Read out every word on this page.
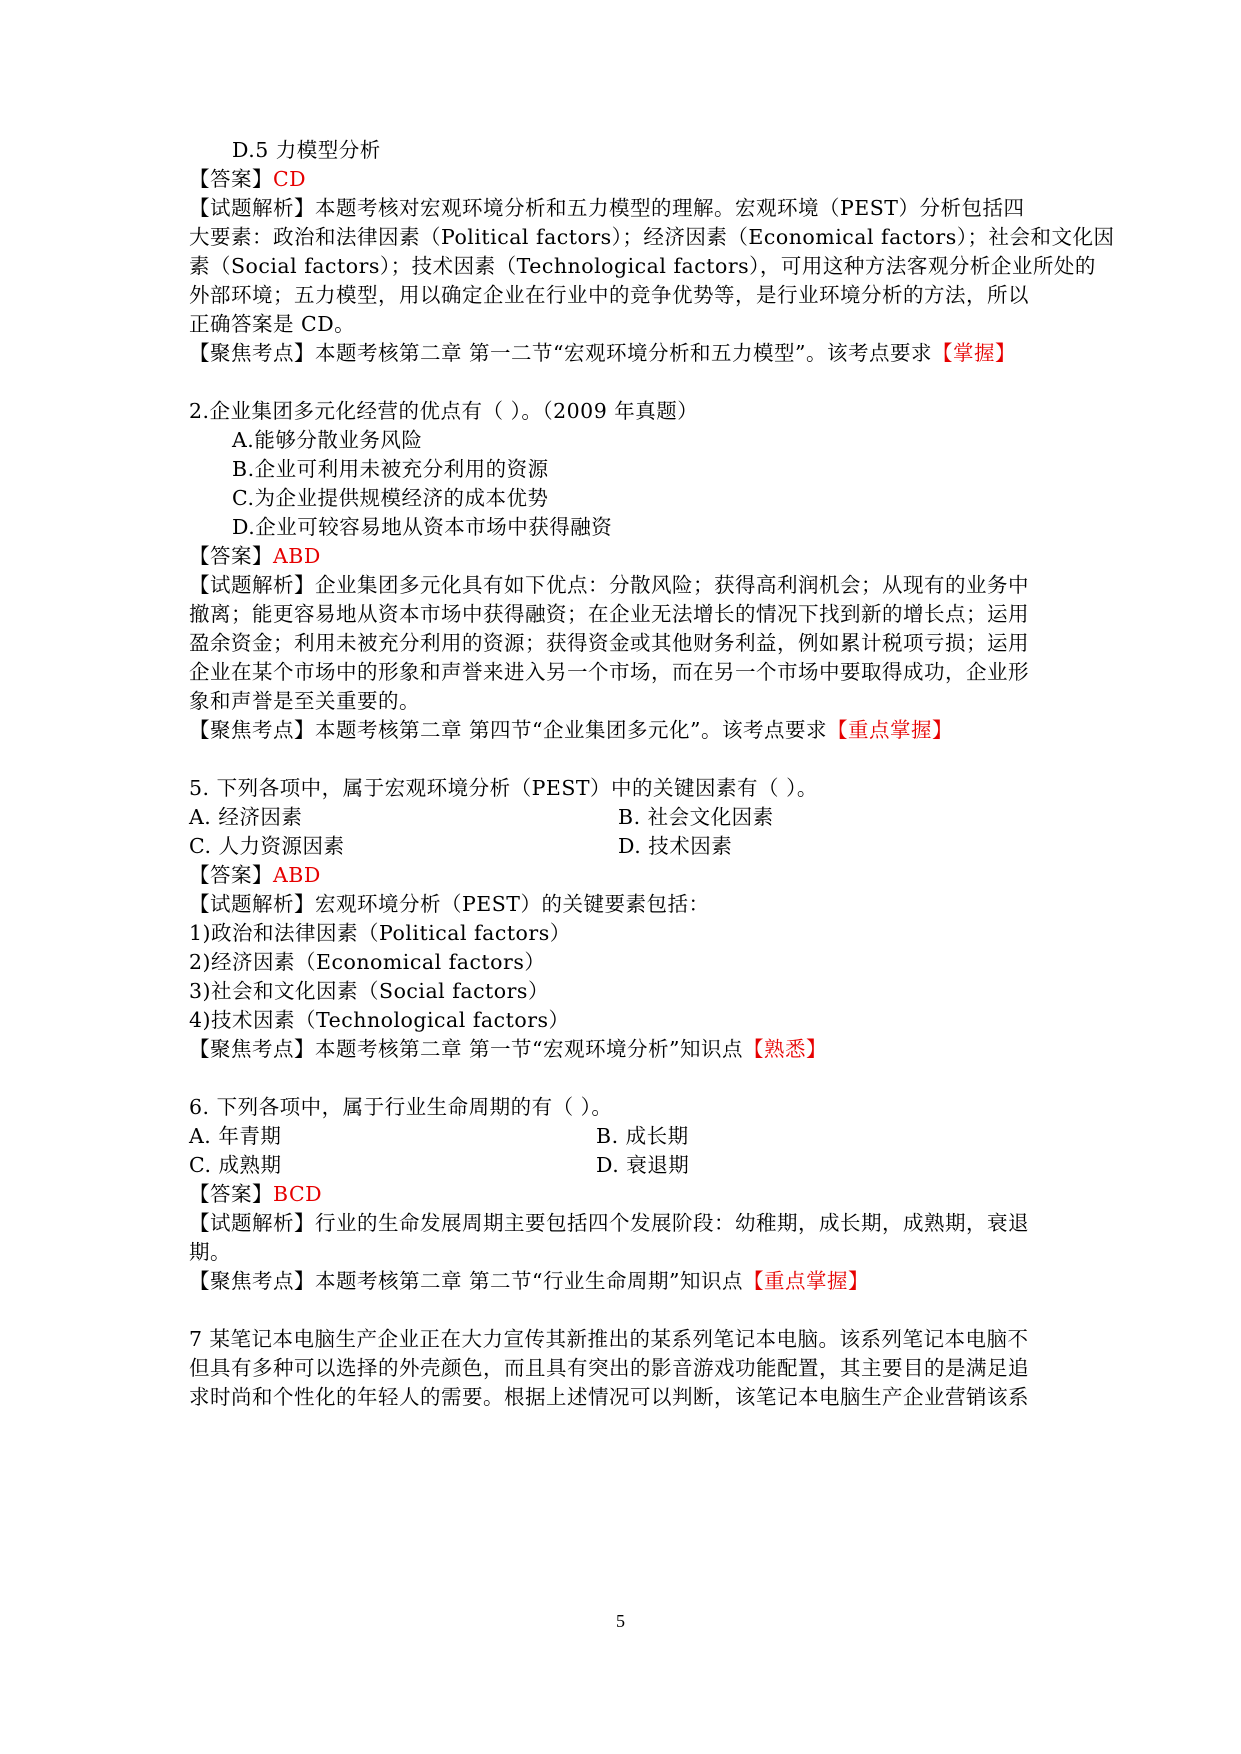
D.5 力模型分析
【答案】CD
【试题解析】本题考核对宏观环境分析和五力模型的理解。宏观环境（PEST）分析包括四
大要素：政治和法律因素（Political factors）；经济因素（Economical factors）；社会和文化因
素（Social factors）；技术因素（Technological factors），可用这种方法客观分析企业所处的
外部环境；五力模型，用以确定企业在行业中的竞争优势等，是行业环境分析的方法，所以
正确答案是 CD。
【聚焦考点】本题考核第二章 第一二节“宏观环境分析和五力模型”。该考点要求【掌握】
2.企业集团多元化经营的优点有（ ）。（2009 年真题）
A.能够分散业务风险
B.企业可利用未被充分利用的资源
C.为企业提供规模经济的成本优势
D.企业可较容易地从资本市场中获得融资
【答案】ABD
【试题解析】企业集团多元化具有如下优点：分散风险；获得高利润机会；从现有的业务中
撤离；能更容易地从资本市场中获得融资；在企业无法增长的情况下找到新的增长点；运用
盈余资金；利用未被充分利用的资源；获得资金或其他财务利益，例如累计税项亏损；运用
企业在某个市场中的形象和声誉来进入另一个市场，而在另一个市场中要取得成功，企业形
象和声誉是至关重要的。
【聚焦考点】本题考核第二章 第四节“企业集团多元化”。该考点要求【重点掌握】
5. 下列各项中，属于宏观环境分析（PEST）中的关键因素有（ ）。
A. 经济因素	B. 社会文化因素
C. 人力资源因素	D. 技术因素
【答案】ABD
【试题解析】宏观环境分析（PEST）的关键要素包括：
1)政治和法律因素（Political factors）
2)经济因素（Economical factors）
3)社会和文化因素（Social factors）
4)技术因素（Technological factors）
【聚焦考点】本题考核第二章 第一节“宏观环境分析”知识点【熟悉】
6. 下列各项中，属于行业生命周期的有（ ）。
A. 年青期	B. 成长期
C. 成熟期	D. 衰退期
【答案】BCD
【试题解析】行业的生命发展周期主要包括四个发展阶段：幼稚期，成长期，成熟期，衰退
期。
【聚焦考点】本题考核第二章 第二节“行业生命周期”知识点【重点掌握】
7 某笔记本电脑生产企业正在大力宣传其新推出的某系列笔记本电脑。该系列笔记本电脑不
但具有多种可以选择的外壳颜色，而且具有突出的影音游戏功能配置，其主要目的是满足追
求时尚和个性化的年轻人的需要。根据上述情况可以判断，该笔记本电脑生产企业营销该系
5
